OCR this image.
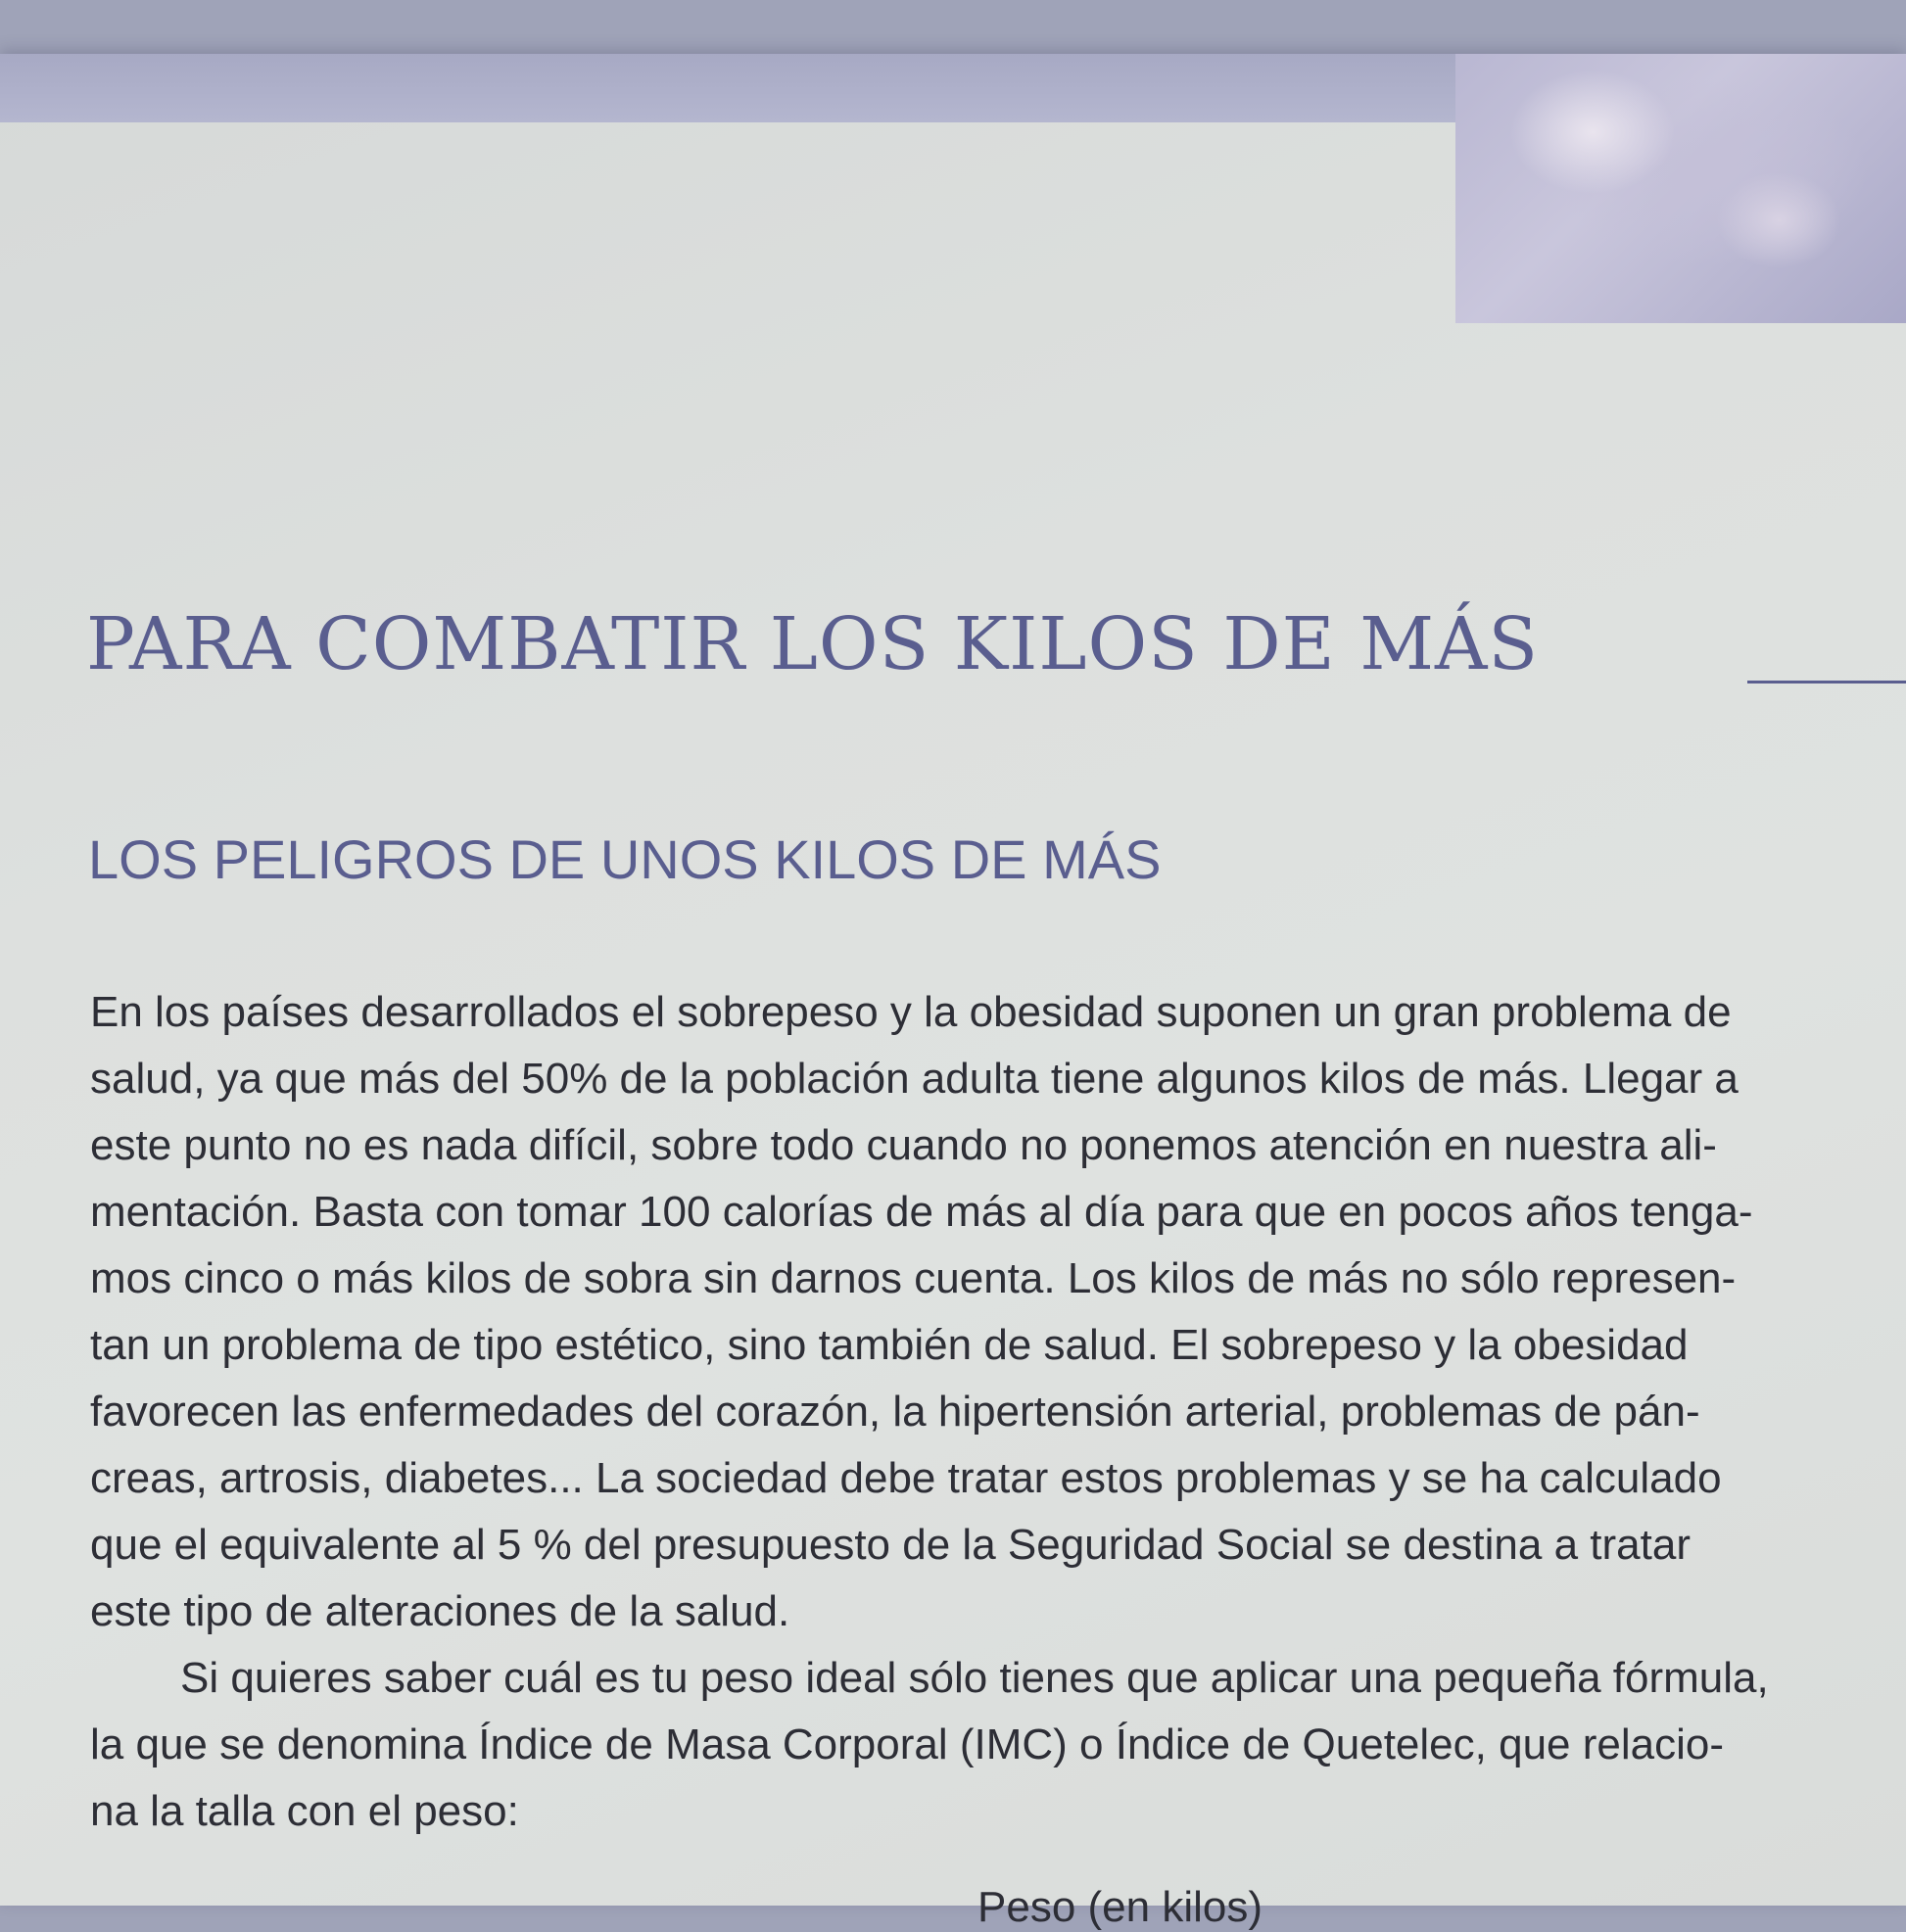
PARA COMBATIR LOS KILOS DE MÁS
LOS PELIGROS DE UNOS KILOS DE MÁS
En los países desarrollados el sobrepeso y la obesidad suponen un gran problema de
salud, ya que más del 50% de la población adulta tiene algunos kilos de más. Llegar a
este punto no es nada difícil, sobre todo cuando no ponemos atención en nuestra ali-
mentación. Basta con tomar 100 calorías de más al día para que en pocos años tenga-
mos cinco o más kilos de sobra sin darnos cuenta. Los kilos de más no sólo represen-
tan un problema de tipo estético, sino también de salud. El sobrepeso y la obesidad
favorecen las enfermedades del corazón, la hipertensión arterial, problemas de pán-
creas, artrosis, diabetes... La sociedad debe tratar estos problemas y se ha calculado
que el equivalente al 5 % del presupuesto de la Seguridad Social se destina a tratar
este tipo de alteraciones de la salud.
Si quieres saber cuál es tu peso ideal sólo tienes que aplicar una pequeña fórmula,
la que se denomina Índice de Masa Corporal (IMC) o Índice de Quetelec, que relacio-
na la talla con el peso:
Peso (en kilos)
